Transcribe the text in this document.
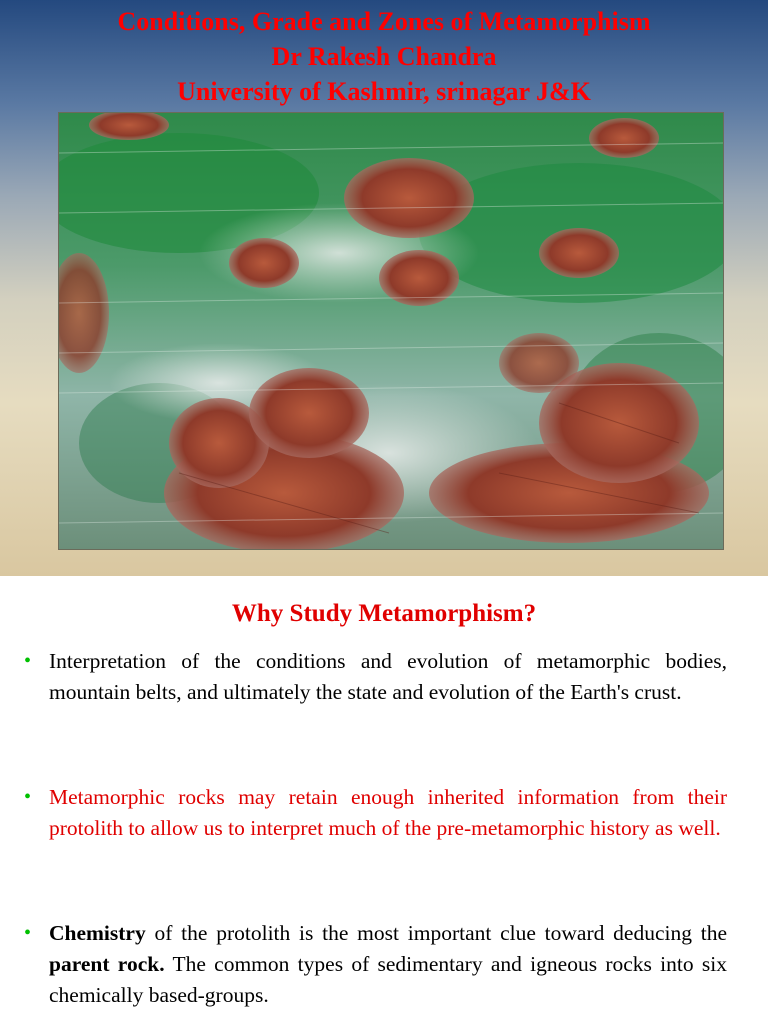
Conditions, Grade and Zones of Metamorphism
Dr Rakesh Chandra
University of Kashmir, srinagar J&K
Why Study Metamorphism?
• Interpretation of the conditions and evolution of metamorphic bodies, mountain belts, and ultimately the state and evolution of the Earth's crust.
• Metamorphic rocks may retain enough inherited information from their protolith to allow us to interpret much of the pre-metamorphic history as well.
• Chemistry of the protolith is the most important clue toward deducing the parent rock. The common types of sedimentary and igneous rocks into six chemically based-groups.
